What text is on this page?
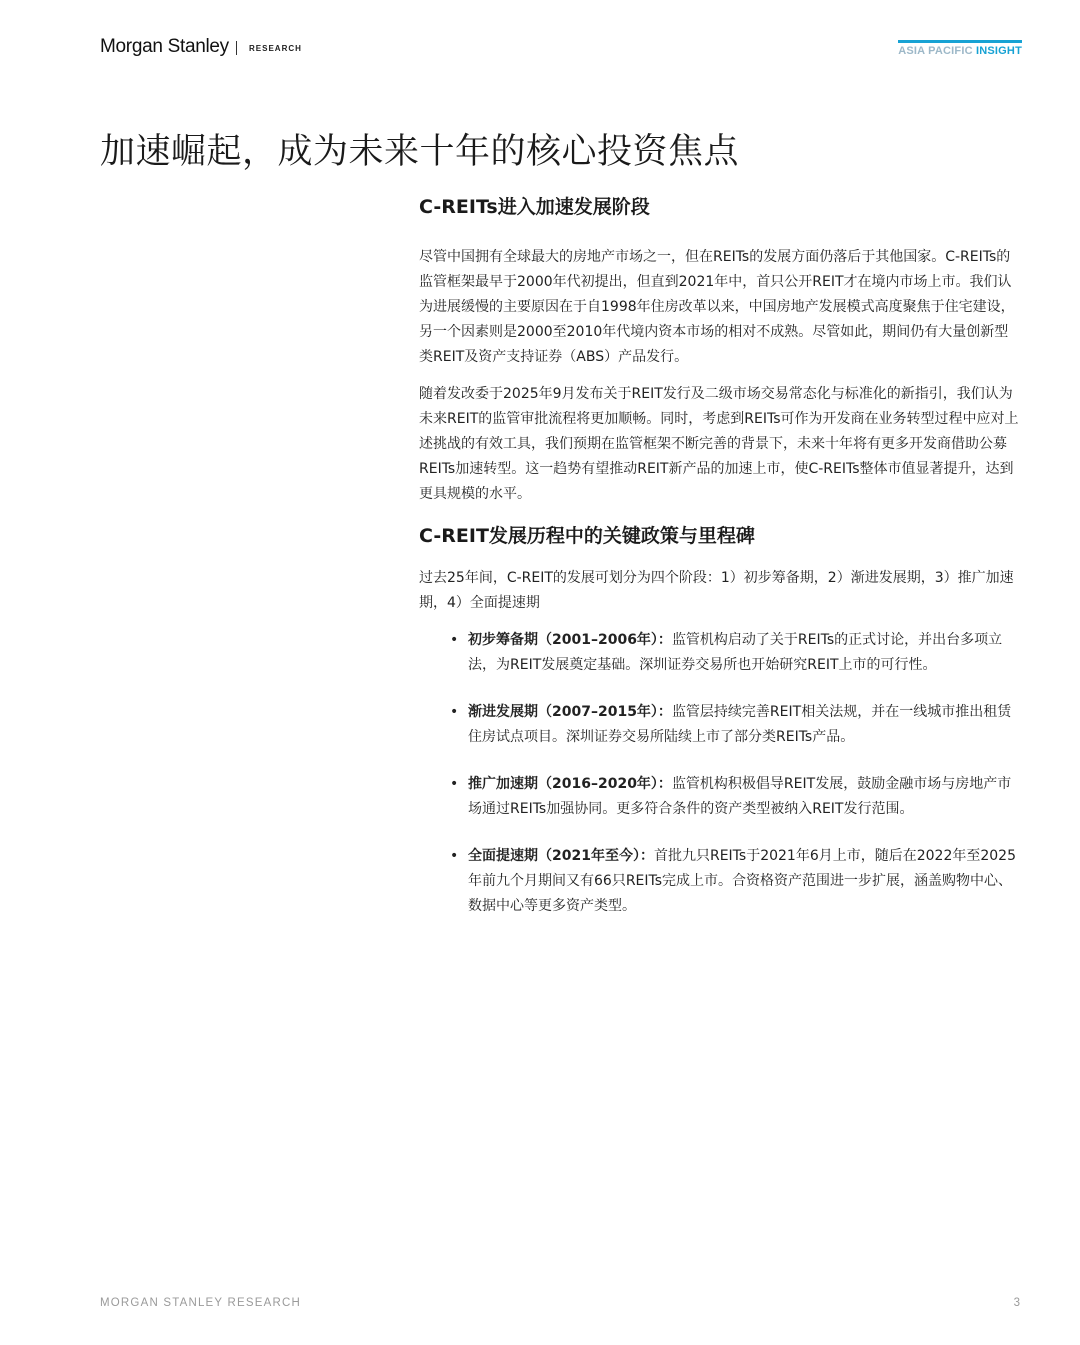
Morgan Stanley	RESEARCH	ASIA PACIFIC INSIGHT
加速崛起，成为未来十年的核心投资焦点
C-REITs进入加速发展阶段

尽管中国拥有全球最大的房地产市场之一，但在REITs的发展方面仍落后于其他国家。C-REITs的监管框架最早于2000年代初提出，但直到2021年中，首只公开REIT才在境内市场上市。我们认为进展缓慢的主要原因在于自1998年住房改革以来，中国房地产发展模式高度聚焦于住宅建设，另一个因素则是2000至2010年代境内资本市场的相对不成熟。尽管如此，期间仍有大量创新型类REIT及资产支持证券（ABS）产品发行。

随着发改委于2025年9月发布关于REIT发行及二级市场交易常态化与标准化的新指引，我们认为未来REIT的监管审批流程将更加顺畅。同时，考虑到REITs可作为开发商在业务转型过程中应对上述挑战的有效工具，我们预期在监管框架不断完善的背景下，未来十年将有更多开发商借助公募REITs加速转型。这一趋势有望推动REIT新产品的加速上市，使C-REITs整体市值显著提升，达到更具规模的水平。

C-REIT发展历程中的关键政策与里程碑

过去25年间，C-REIT的发展可划分为四个阶段：1）初步筹备期，2）渐进发展期，3）推广加速期，4）全面提速期

• 初步筹备期（2001–2006年）：监管机构启动了关于REITs的正式讨论，并出台多项立法，为REIT发展奠定基础。深圳证券交易所也开始研究REIT上市的可行性。
• 渐进发展期（2007–2015年）：监管层持续完善REIT相关法规，并在一线城市推出租赁住房试点项目。深圳证券交易所陆续上市了部分类REITs产品。
• 推广加速期（2016–2020年）：监管机构积极倡导REIT发展，鼓励金融市场与房地产市场通过REITs加强协同。更多符合条件的资产类型被纳入REIT发行范围。
• 全面提速期（2021年至今）：首批九只REITs于2021年6月上市，随后在2022年至2025年前九个月期间又有66只REITs完成上市。合资格资产范围进一步扩展，涵盖购物中心、数据中心等更多资产类型。
MORGAN STANLEY RESEARCH	3
